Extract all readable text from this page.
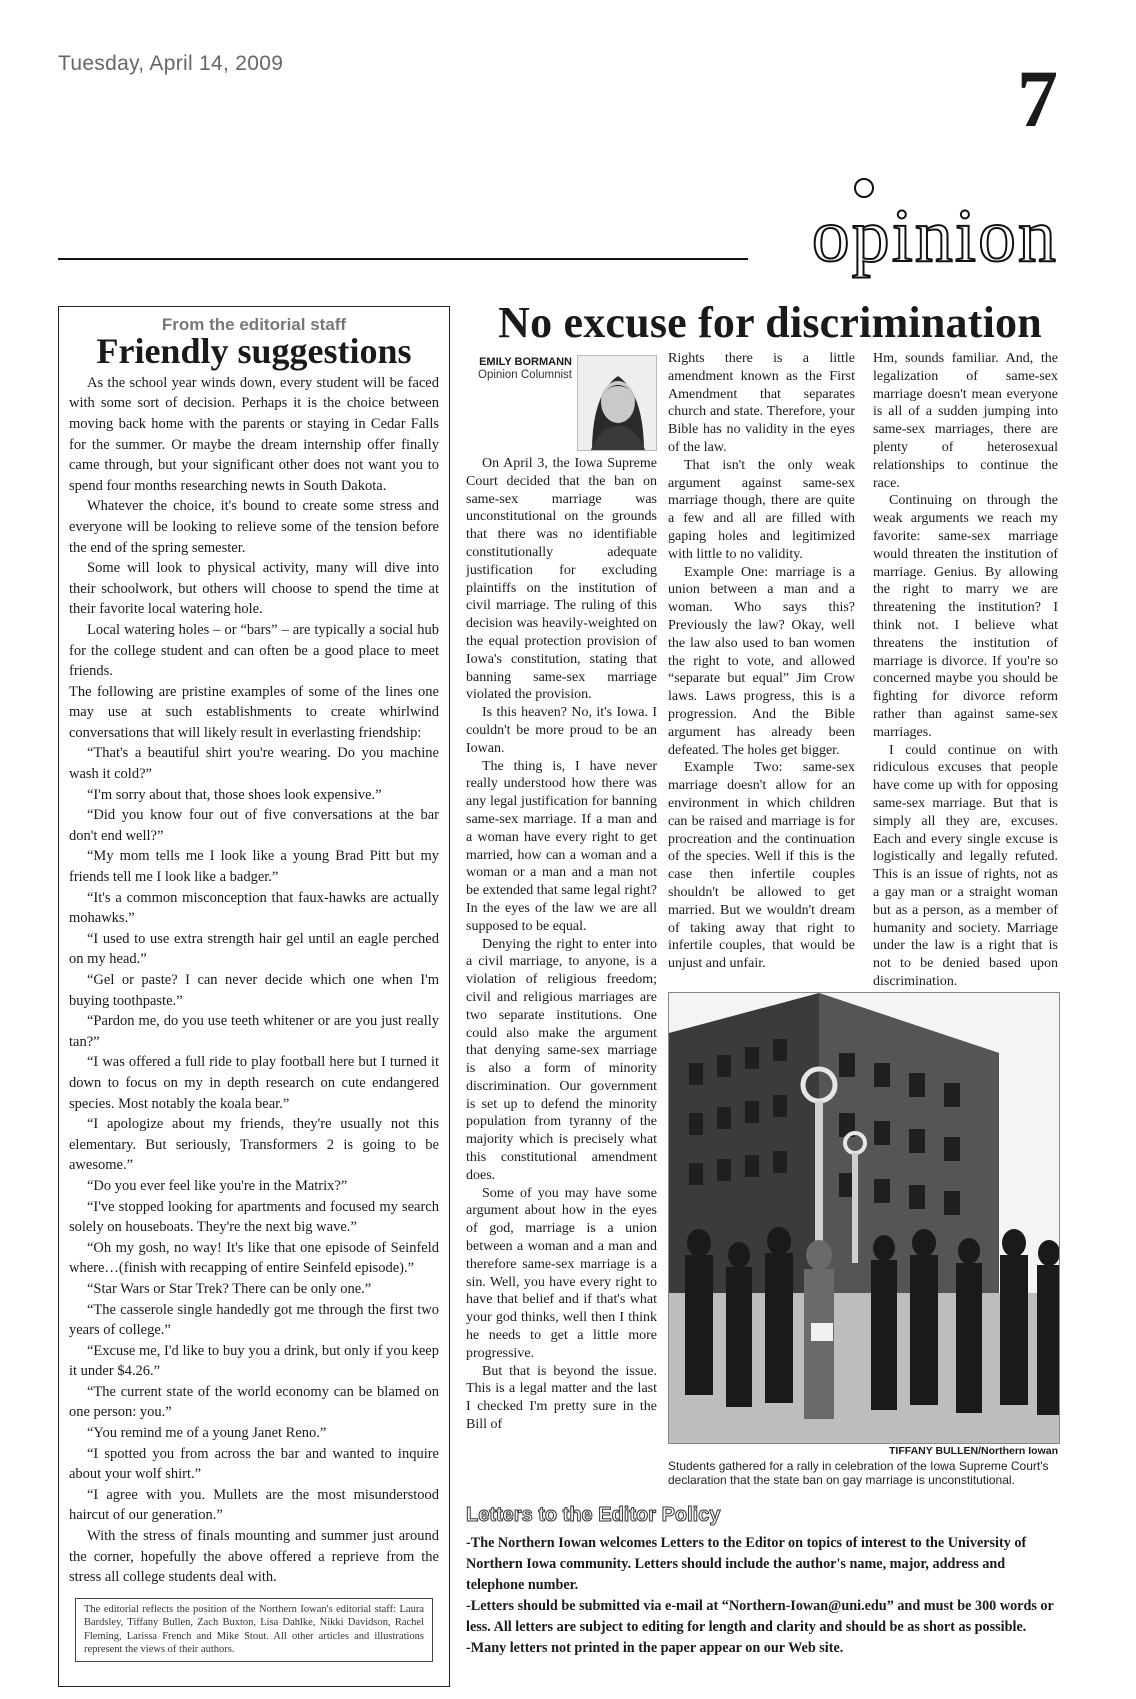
Tuesday, April 14, 2009	7
opinion
From the editorial staff
Friendly suggestions

As the school year winds down, every student will be faced with some sort of decision. Perhaps it is the choice between moving back home with the parents or staying in Cedar Falls for the summer. Or maybe the dream internship offer finally came through, but your significant other does not want you to spend four months researching newts in South Dakota.

Whatever the choice, it's bound to create some stress and everyone will be looking to relieve some of the tension before the end of the spring semester.

Some will look to physical activity, many will dive into their schoolwork, but others will choose to spend the time at their favorite local watering hole.

Local watering holes – or “bars” – are typically a social hub for the college student and can often be a good place to meet friends.

The following are pristine examples of some of the lines one may use at such establishments to create whirlwind conversations that will likely result in everlasting friendship:

“That's a beautiful shirt you're wearing. Do you machine wash it cold?”

“I'm sorry about that, those shoes look expensive.”

“Did you know four out of five conversations at the bar don't end well?”

“My mom tells me I look like a young Brad Pitt but my friends tell me I look like a badger.”

“It's a common misconception that faux-hawks are actually mohawks.”

“I used to use extra strength hair gel until an eagle perched on my head.”

“Gel or paste? I can never decide which one when I'm buying toothpaste.”

“Pardon me, do you use teeth whitener or are you just really tan?”

“I was offered a full ride to play football here but I turned it down to focus on my in depth research on cute endangered species. Most notably the koala bear.”

“I apologize about my friends, they're usually not this elementary. But seriously, Transformers 2 is going to be awesome.”

“Do you ever feel like you're in the Matrix?”

“I've stopped looking for apartments and focused my search solely on houseboats. They're the next big wave.”

“Oh my gosh, no way! It's like that one episode of Seinfeld where…(finish with recapping of entire Seinfeld episode).”

“Star Wars or Star Trek? There can be only one.”

“The casserole single handedly got me through the first two years of college.”

“Excuse me, I'd like to buy you a drink, but only if you keep it under $4.26.”

“The current state of the world economy can be blamed on one person: you.”

“You remind me of a young Janet Reno.”

“I spotted you from across the bar and wanted to inquire about your wolf shirt.”

“I agree with you. Mullets are the most misunderstood haircut of our generation.”

With the stress of finals mounting and summer just around the corner, hopefully the above offered a reprieve from the stress all college students deal with.

The editorial reflects the position of the Northern Iowan's editorial staff: Laura Bardsley, Tiffany Bullen, Zach Buxton, Lisa Dahlke, Nikki Davidson, Rachel Fleming, Larissa French and Mike Stout. All other articles and illustrations represent the views of their authors.
No excuse for discrimination
EMILY BORMANN
Opinion Columnist

On April 3, the Iowa Supreme Court decided that the ban on same-sex marriage was unconstitutional on the grounds that there was no identifiable constitutionally adequate justification for excluding plaintiffs on the institution of civil marriage. The ruling of this decision was heavily-weighted on the equal protection provision of Iowa's constitution, stating that banning same-sex marriage violated the provision.

Is this heaven? No, it's Iowa. I couldn't be more proud to be an Iowan.

The thing is, I have never really understood how there was any legal justification for banning same-sex marriage. If a man and a woman have every right to get married, how can a woman and a woman or a man and a man not be extended that same legal right? In the eyes of the law we are all supposed to be equal.

Denying the right to enter into a civil marriage, to anyone, is a violation of religious freedom; civil and religious marriages are two separate institutions. One could also make the argument that denying same-sex marriage is also a form of minority discrimination. Our government is set up to defend the minority population from tyranny of the majority which is precisely what this constitutional amendment does.

Some of you may have some argument about how in the eyes of god, marriage is a union between a woman and a man and therefore same-sex marriage is a sin. Well, you have every right to have that belief and if that's what your god thinks, well then I think he needs to get a little more progressive.

But that is beyond the issue. This is a legal matter and the last I checked I'm pretty sure in the Bill of

Rights there is a little amendment known as the First Amendment that separates church and state. Therefore, your Bible has no validity in the eyes of the law.

That isn't the only weak argument against same-sex marriage though, there are quite a few and all are filled with gaping holes and legitimized with little to no validity.

Example One: marriage is a union between a man and a woman. Who says this? Previously the law? Okay, well the law also used to ban women the right to vote, and allowed “separate but equal” Jim Crow laws. Laws progress, this is a progression. And the Bible argument has already been defeated. The holes get bigger.

Example Two: same-sex marriage doesn't allow for an environment in which children can be raised and marriage is for procreation and the continuation of the species. Well if this is the case then infertile couples shouldn't be allowed to get married. But we wouldn't dream of taking away that right to infertile couples, that would be unjust and unfair.

Hm, sounds familiar. And, the legalization of same-sex marriage doesn't mean everyone is all of a sudden jumping into same-sex marriages, there are plenty of heterosexual relationships to continue the race.

Continuing on through the weak arguments we reach my favorite: same-sex marriage would threaten the institution of marriage. Genius. By allowing the right to marry we are threatening the institution? I think not. I believe what threatens the institution of marriage is divorce. If you're so concerned maybe you should be fighting for divorce reform rather than against same-sex marriages.

I could continue on with ridiculous excuses that people have come up with for opposing same-sex marriage. But that is simply all they are, excuses. Each and every single excuse is logistically and legally refuted. This is an issue of rights, not as a gay man or a straight woman but as a person, as a member of humanity and society. Marriage under the law is a right that is not to be denied based upon discrimination.

TIFFANY BULLEN/Northern Iowan
Students gathered for a rally in celebration of the Iowa Supreme Court's declaration that the state ban on gay marriage is unconstitutional.
Letters to the Editor Policy

-The Northern Iowan welcomes Letters to the Editor on topics of interest to the University of Northern Iowa community. Letters should include the author's name, major, address and telephone number.

-Letters should be submitted via e-mail at “Northern-Iowan@uni.edu” and must be 300 words or less. All letters are subject to editing for length and clarity and should be as short as possible.

-Many letters not printed in the paper appear on our Web site.
